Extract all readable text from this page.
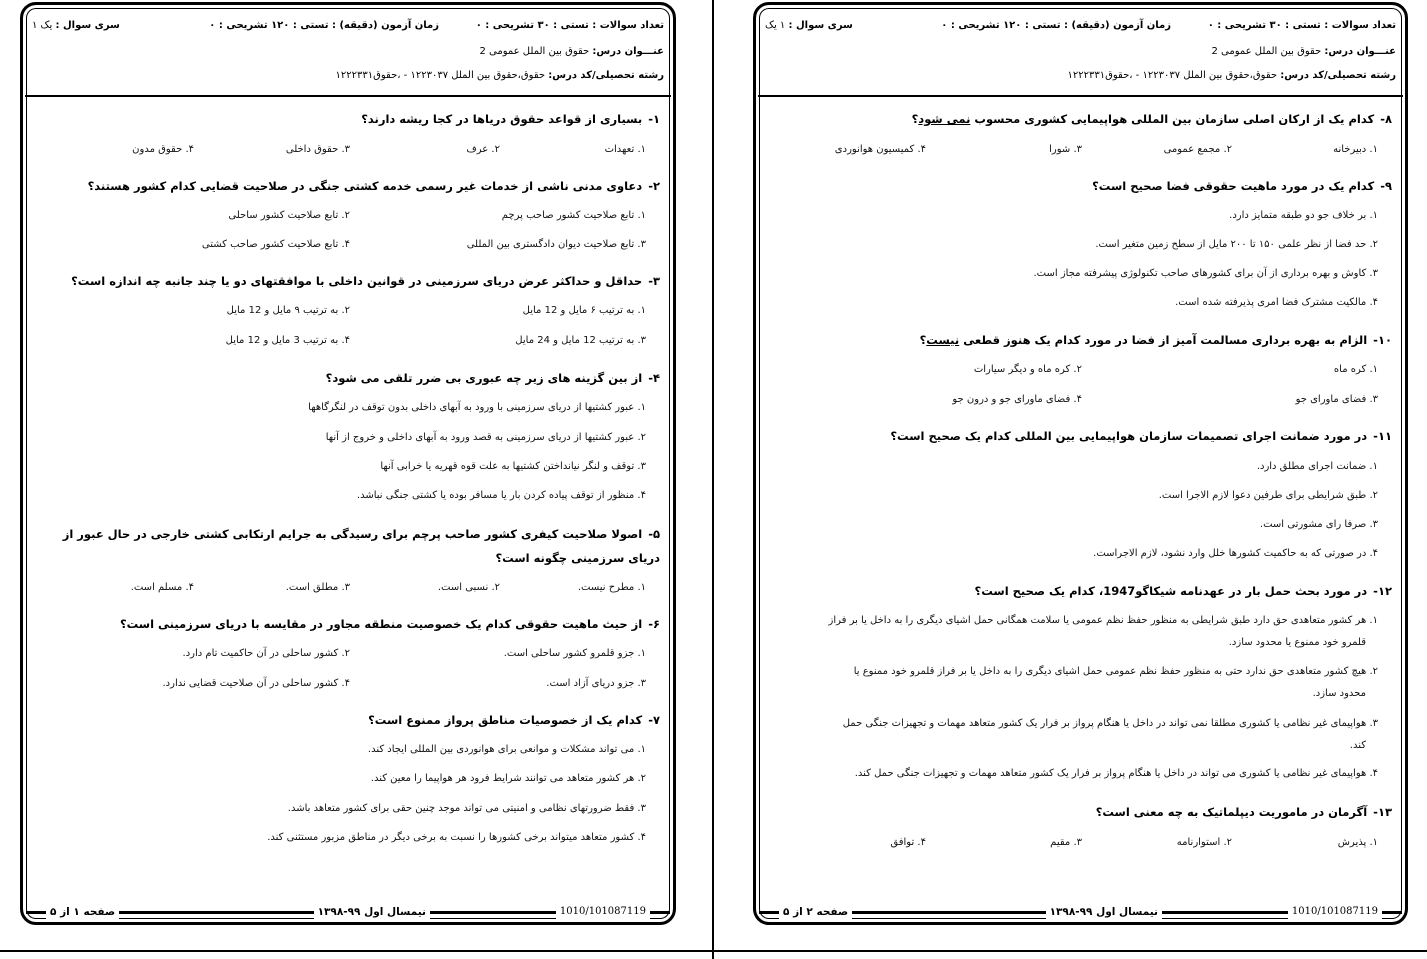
تعداد سوالات : تستی : ۳۰ تشریحی : ۰
زمان آزمون (دقیقه) : تستی : ۱۲۰ تشریحی : ۰
سری سوال : یک ۱
عنـــوان درس: حقوق بین الملل عمومی 2
رشته تحصیلی/کد درس: حقوق،حقوق بین الملل ۱۲۲۳۰۳۷ - ،حقوق۱۲۲۲۳۳۱
۱-بسیاری از قواعد حقوق دریاها در کجا ریشه دارند؟
۱. تعهدات
۲. عرف
۳. حقوق داخلی
۴. حقوق مدون
۲-دعاوی مدنی ناشی از خدمات غیر رسمی خدمه کشتی جنگی در صلاحیت قضایی کدام کشور هستند؟
۱. تابع صلاحیت کشور صاحب پرچم
۲. تابع صلاحیت کشور ساحلی
۳. تابع صلاحیت دیوان دادگستری بین المللی
۴. تابع صلاحیت کشور صاحب کشتی
۳-حداقل و حداکثر عرض دریای سرزمینی در قوانین داخلی با موافقتهای دو یا چند جانبه چه اندازه است؟
۱. به ترتیب ۶ مایل و 12 مایل
۲. به ترتیب ۹ مایل و 12 مایل
۳. به ترتیب 12 مایل و 24 مایل
۴. به ترتیب 3 مایل و 12 مایل
۴-از بین گزینه های زیر چه عبوری بی ضرر تلقی می شود؟
۱. عبور کشتیها از دریای سرزمینی با ورود به آبهای داخلی بدون توقف در لنگرگاهها
۲. عبور کشتیها از دریای سرزمینی به قصد ورود به آبهای داخلی و خروج از آنها
۳. توقف و لنگر نیانداختن کشتیها به علت قوه قهریه یا خرابی آنها
۴. منظور از توقف پیاده کردن بار یا مسافر بوده یا کشتی جنگی نباشد.
۵-اصولا صلاحیت کیفری کشور صاحب پرچم برای رسیدگی به جرایم ارتکابی کشتی خارجی در حال عبور از دریای سرزمینی چگونه است؟
۱. مطرح نیست.
۲. نسبی است.
۳. مطلق است.
۴. مسلم است.
۶-از حیث ماهیت حقوقی کدام یک خصوصیت منطقه مجاور در مقایسه با دریای سرزمینی است؟
۱. جزو قلمرو کشور ساحلی است.
۲. کشور ساحلی در آن حاکمیت تام دارد.
۳. جزو دریای آزاد است.
۴. کشور ساحلی در آن صلاحیت قضایی ندارد.
۷-کدام یک از خصوصیات مناطق پرواز ممنوع است؟
۱. می تواند مشکلات و موانعی برای هوانوردی بین المللی ایجاد کند.
۲. هر کشور متعاهد می توانند شرایط فرود هر هواپیما را معین کند.
۳. فقط ضرورتهای نظامی و امنیتی می تواند موجد چنین حقی برای کشور متعاهد باشد.
۴. کشور متعاهد میتواند برخی کشورها را نسبت به برخی دیگر در مناطق مزبور مستثنی کند.
1010/101087119
نیمسال اول ۹۹-۱۳۹۸
صفحه ۱ از ۵
تعداد سوالات : تستی : ۳۰ تشریحی : ۰
زمان آزمون (دقیقه) : تستی : ۱۲۰ تشریحی : ۰
سری سوال : ۱ یک
عنـــوان درس: حقوق بین الملل عمومی 2
رشته تحصیلی/کد درس: حقوق،حقوق بین الملل ۱۲۲۳۰۳۷ - ،حقوق۱۲۲۲۳۳۱
۸-کدام یک از ارکان اصلی سازمان بین المللی هواپیمایی کشوری محسوب نمی شود؟
۱. دبیرخانه
۲. مجمع عمومی
۳. شورا
۴. کمیسیون هوانوردی
۹-کدام یک در مورد ماهیت حقوقی فضا صحیح است؟
۱. بر خلاف جو دو طبقه متمایز دارد.
۲. حد فضا از نظر علمی ۱۵۰ تا ۲۰۰ مایل از سطح زمین متغیر است.
۳. کاوش و بهره برداری از آن برای کشورهای صاحب تکنولوژی پیشرفته مجاز است.
۴. مالکیت مشترک فضا امری پذیرفته شده است.
۱۰-الزام به بهره برداری مسالمت آمیز از فضا در مورد کدام یک هنوز قطعی نیست؟
۱. کره ماه
۲. کره ماه و دیگر سیارات
۳. فضای ماورای جو
۴. فضای ماورای جو و درون جو
۱۱-در مورد ضمانت اجرای تصمیمات سازمان هواپیمایی بین المللی کدام یک صحیح است؟
۱. ضمانت اجرای مطلق دارد.
۲. طبق شرایطی برای طرفین دعوا لازم الاجرا است.
۳. صرفا رای مشورتی است.
۴. در صورتی که به حاکمیت کشورها خلل وارد نشود، لازم الاجراست.
۱۲-در مورد بحث حمل بار در عهدنامه شیکاگو1947، کدام یک صحیح است؟
۱. هر کشور متعاهدی حق دارد طبق شرایطی به منظور حفظ نظم عمومی یا سلامت همگانی حمل اشیای دیگری را به داخل یا بر فراز
قلمرو خود ممنوع یا محدود سازد.
۲. هیچ کشور متعاهدی حق ندارد حتی به منظور حفظ نظم عمومی حمل اشیای دیگری را به داخل یا بر فراز قلمرو خود ممنوع یا
محدود سازد.
۳. هواپیمای غیر نظامی یا کشوری مطلقا نمی تواند در داخل یا هنگام پرواز بر فرار یک کشور متعاهد مهمات و تجهیزات جنگی حمل
کند.
۴. هواپیمای غیر نظامی یا کشوری می تواند در داخل یا هنگام پرواز بر فرار یک کشور متعاهد مهمات و تجهیزات جنگی حمل کند.
۱۳-آگرمان در ماموریت دیپلماتیک به چه معنی است؟
۱. پذیرش
۲. استوارنامه
۳. مقیم
۴. توافق
1010/101087119
نیمسال اول ۹۹-۱۳۹۸
صفحه ۲ از ۵
